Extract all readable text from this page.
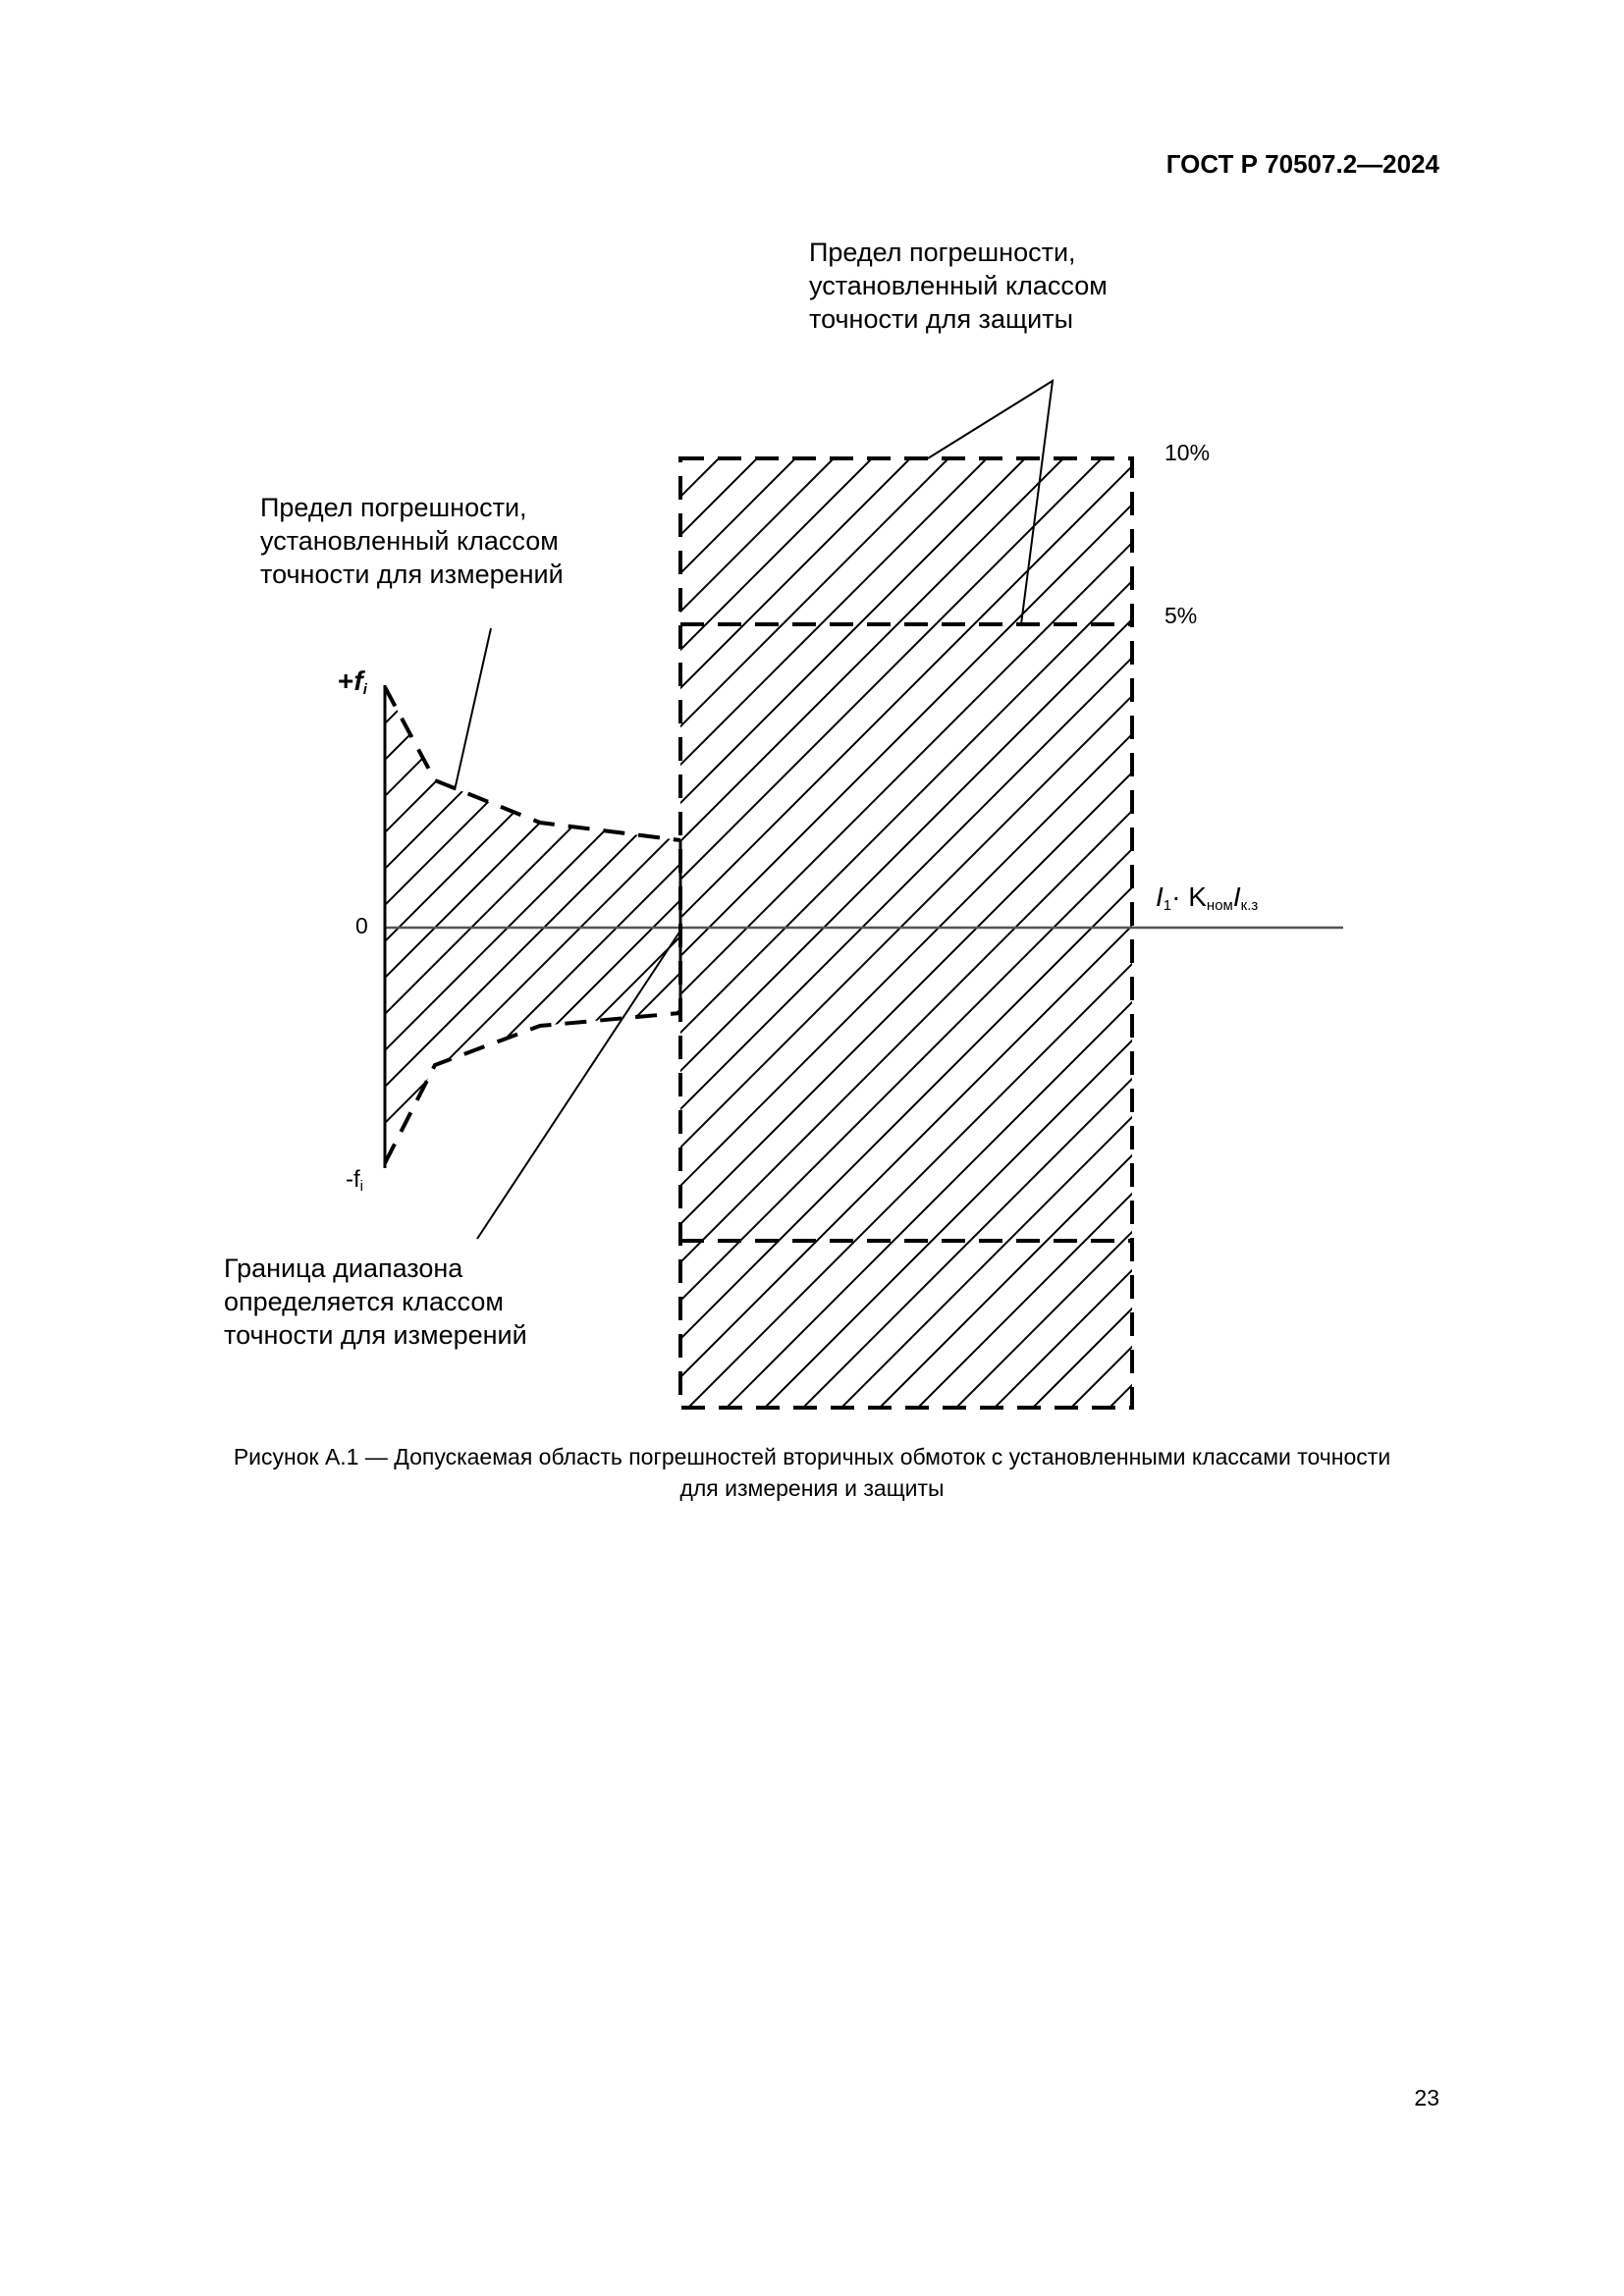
ГОСТ Р 70507.2—2024
Предел погрешности,
установленный классом
точности для защиты
Предел погрешности,
установленный классом
точности для измерений
Граница диапазона
определяется классом
точности для измерений
10%
5%
0
$+f_i$
$-f_i$
$I_1\cdot K_{ном}I_{к.з}$
Рисунок А.1 — Допускаемая область погрешностей вторичных обмоток с установленными классами точности
для измерения и защиты
23
